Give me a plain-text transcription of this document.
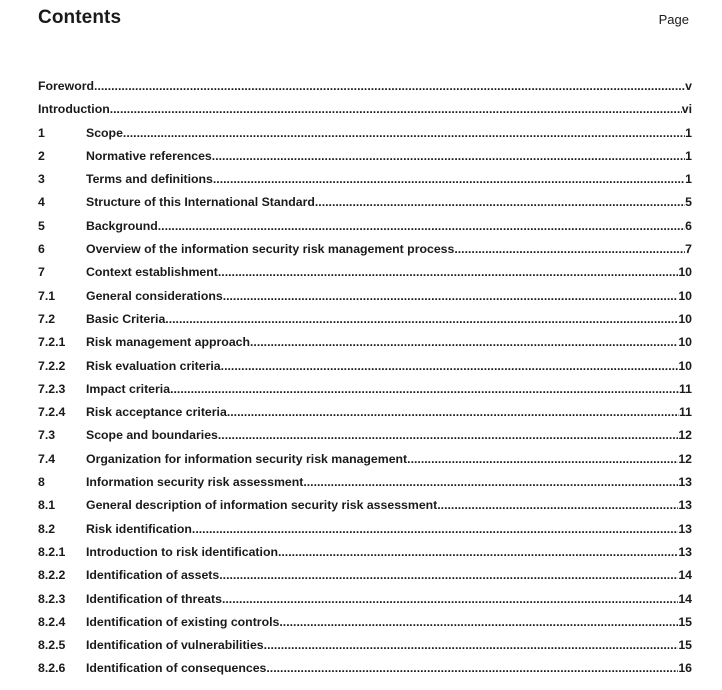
Contents	Page
Foreword .....	v
Introduction .....	vi
1	Scope .....	1
2	Normative references .....	1
3	Terms and definitions .....	1
4	Structure of this International Standard .....	5
5	Background .....	6
6	Overview of the information security risk management process .....	7
7	Context establishment .....	10
7.1	General considerations .....	10
7.2	Basic Criteria .....	10
7.2.1	Risk management approach .....	10
7.2.2	Risk evaluation criteria .....	10
7.2.3	Impact criteria .....	11
7.2.4	Risk acceptance criteria .....	11
7.3	Scope and boundaries .....	12
7.4	Organization for information security risk management .....	12
8	Information security risk assessment .....	13
8.1	General description of information security risk assessment .....	13
8.2	Risk identification .....	13
8.2.1	Introduction to risk identification .....	13
8.2.2	Identification of assets .....	14
8.2.3	Identification of threats .....	14
8.2.4	Identification of existing controls .....	15
8.2.5	Identification of vulnerabilities .....	15
8.2.6	Identification of consequences .....	16
